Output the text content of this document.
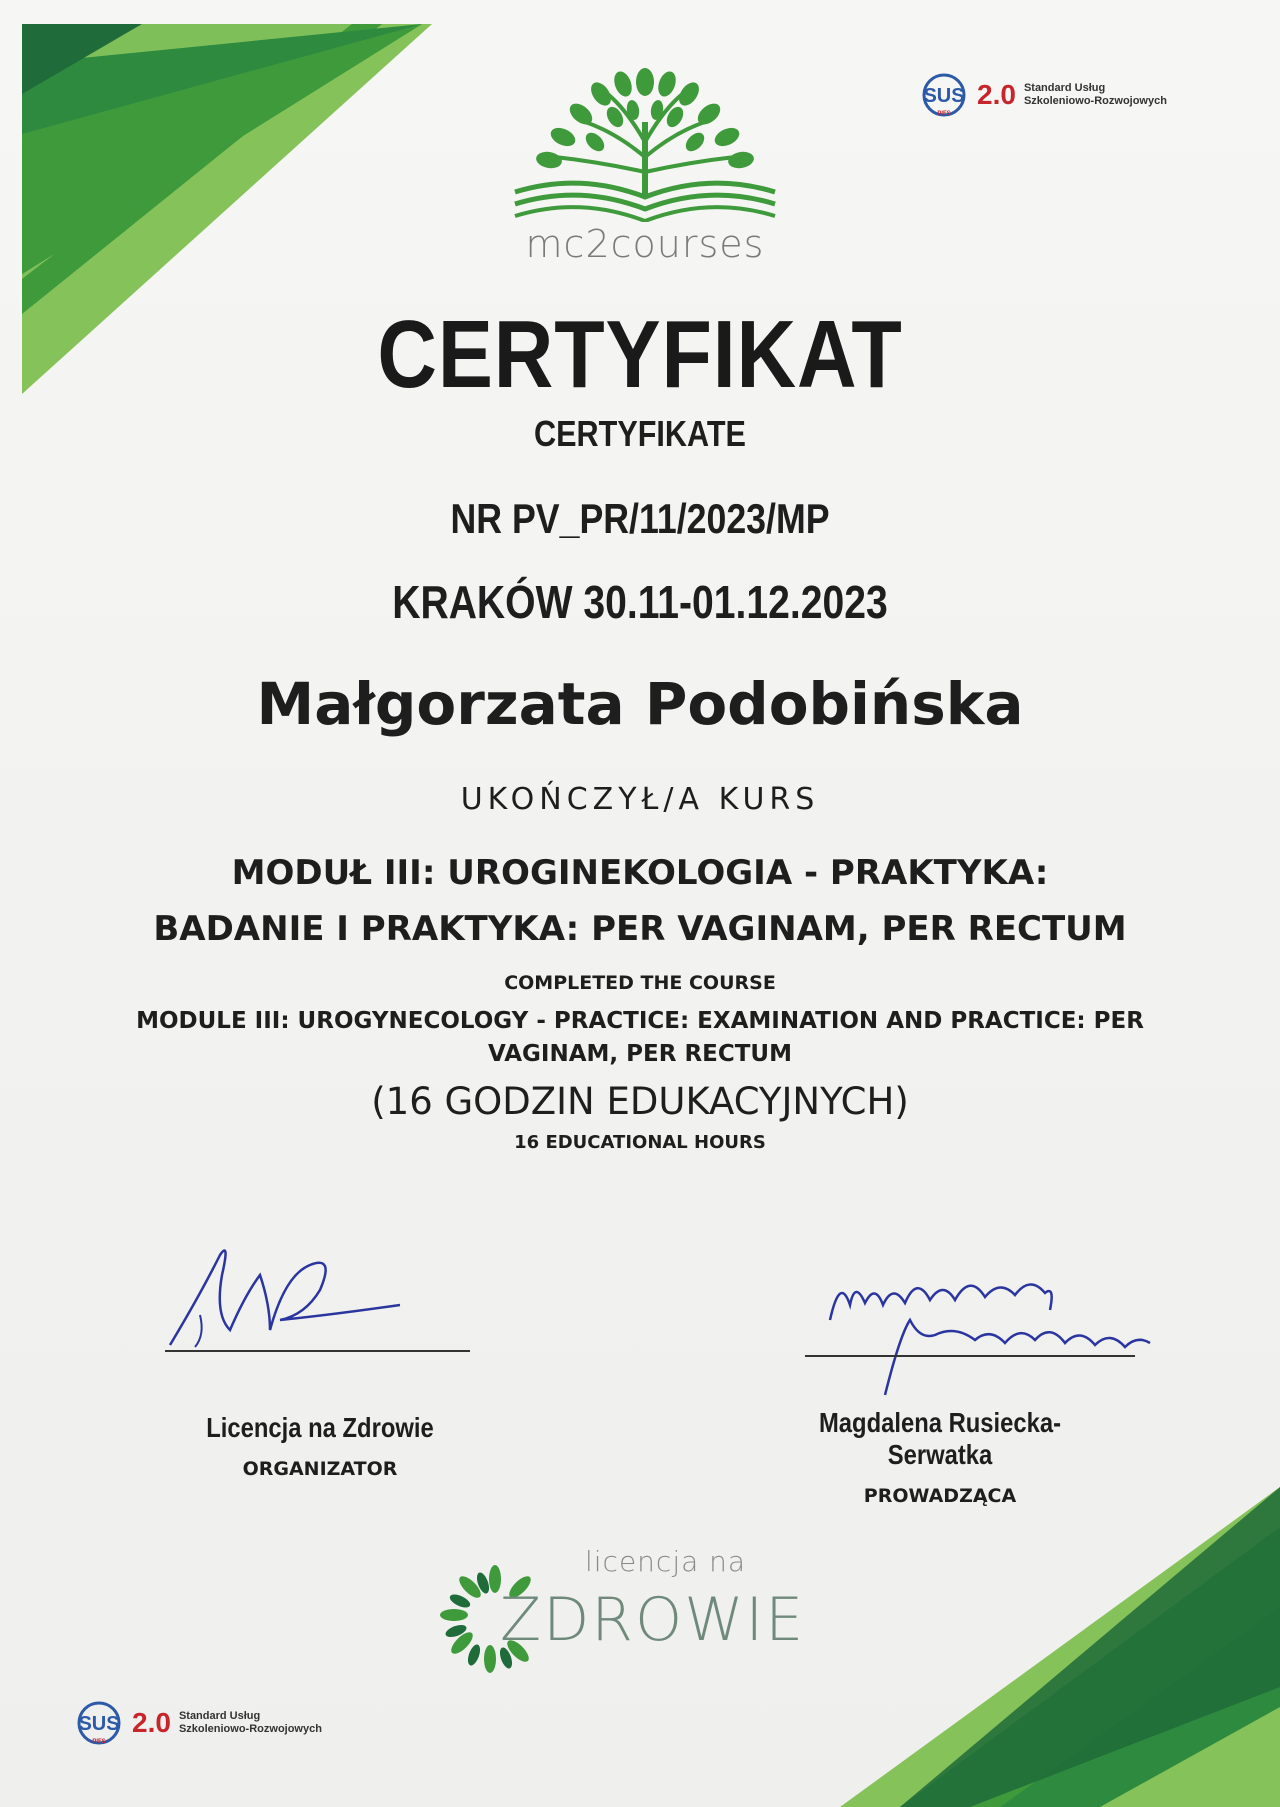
mc2courses
SUS
PIFS
2.0 Standard Usług
Szkoleniowo-Rozwojowych
CERTYFIKAT
CERTYFIKATE
NR PV_PR/11/2023/MP
KRAKÓW 30.11-01.12.2023
Małgorzata Podobińska
UKOŃCZYŁ/A KURS
MODUŁ III: UROGINEKOLOGIA - PRAKTYKA:
BADANIE I PRAKTYKA: PER VAGINAM, PER RECTUM
COMPLETED THE COURSE
MODULE III: UROGYNECOLOGY - PRACTICE: EXAMINATION AND PRACTICE: PER
VAGINAM, PER RECTUM
(16 GODZIN EDUKACYJNYCH)
16 EDUCATIONAL HOURS
Licencja na Zdrowie
ORGANIZATOR
Magdalena Rusiecka-Serwatka
PROWADZĄCA
licencja na
ZDROWIE
SUS
PIFS
2.0 Standard Usług
Szkoleniowo-Rozwojowych
